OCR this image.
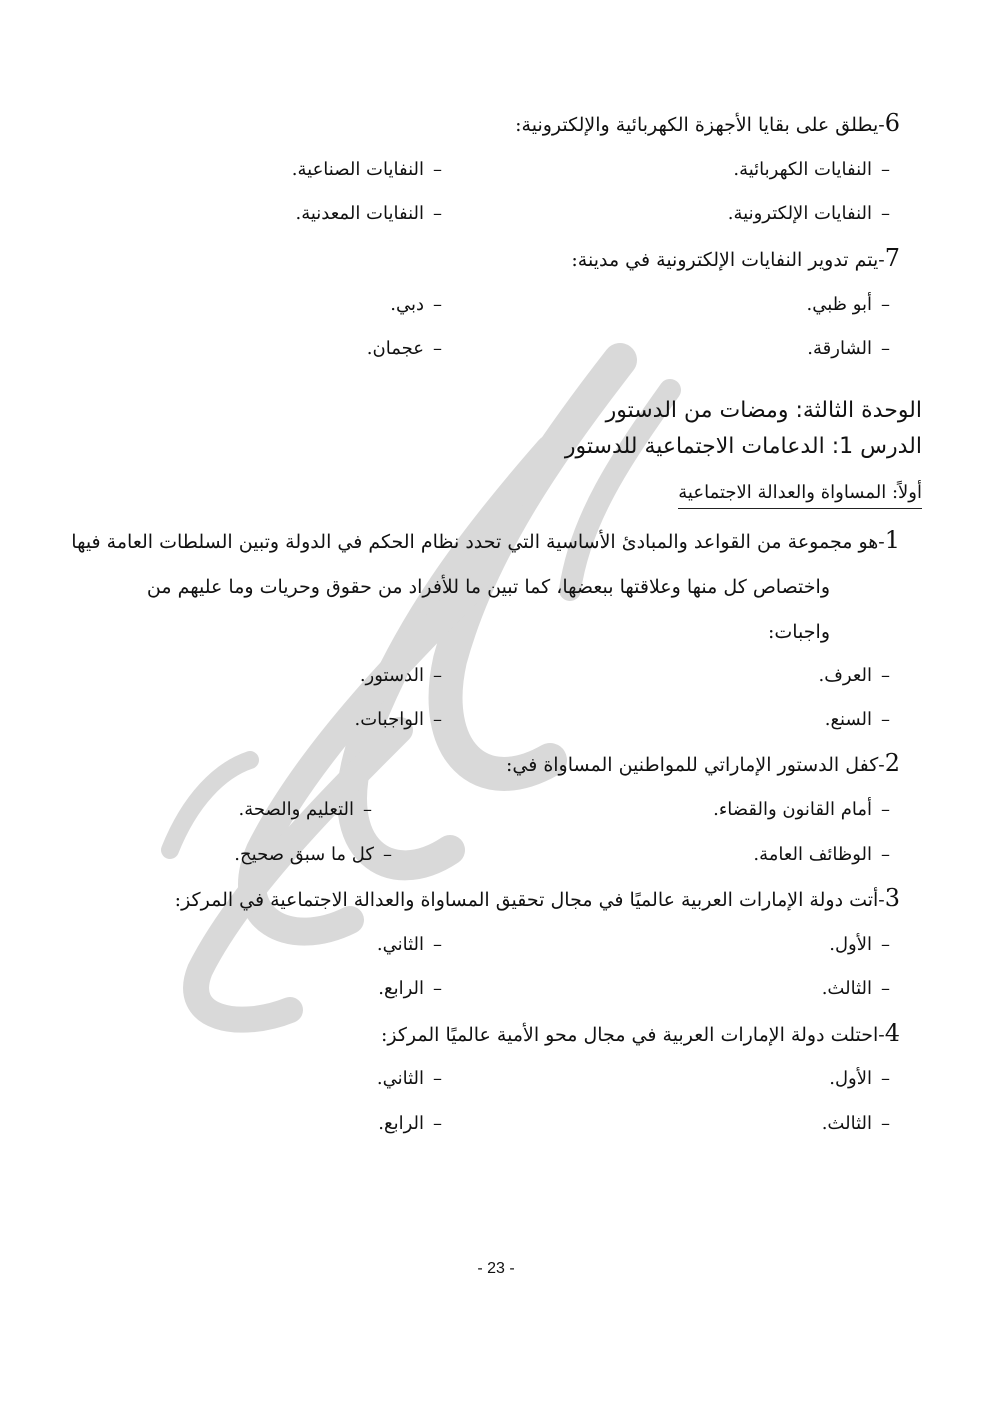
6-يطلق على بقايا الأجهزة الكهربائية والإلكترونية:
–النفايات الكهربائية.
–النفايات الصناعية.
–النفايات الإلكترونية.
–النفايات المعدنية.
7-يتم تدوير النفايات الإلكترونية في مدينة:
–أبو ظبي.
–دبي.
–الشارقة.
–عجمان.
الوحدة الثالثة: ومضات من الدستور
الدرس 1: الدعامات الاجتماعية للدستور
أولاً: المساواة والعدالة الاجتماعية
1-هو مجموعة من القواعد والمبادئ الأساسية التي تحدد نظام الحكم في الدولة وتبين السلطات العامة فيها
واختصاص كل منها وعلاقتها ببعضها، كما تبين ما للأفراد من حقوق وحريات وما عليهم من
واجبات:
–العرف.
–الدستور.
–السنع.
–الواجبات.
2-كفل الدستور الإماراتي للمواطنين المساواة في:
–أمام القانون والقضاء.
–التعليم والصحة.
–الوظائف العامة.
–كل ما سبق صحيح.
3-أتت دولة الإمارات العربية عالميًا في مجال تحقيق المساواة والعدالة الاجتماعية في المركز:
–الأول.
–الثاني.
–الثالث.
–الرابع.
4-احتلت دولة الإمارات العربية في مجال محو الأمية عالميًا المركز:
–الأول.
–الثاني.
–الثالث.
–الرابع.
- 23 -
